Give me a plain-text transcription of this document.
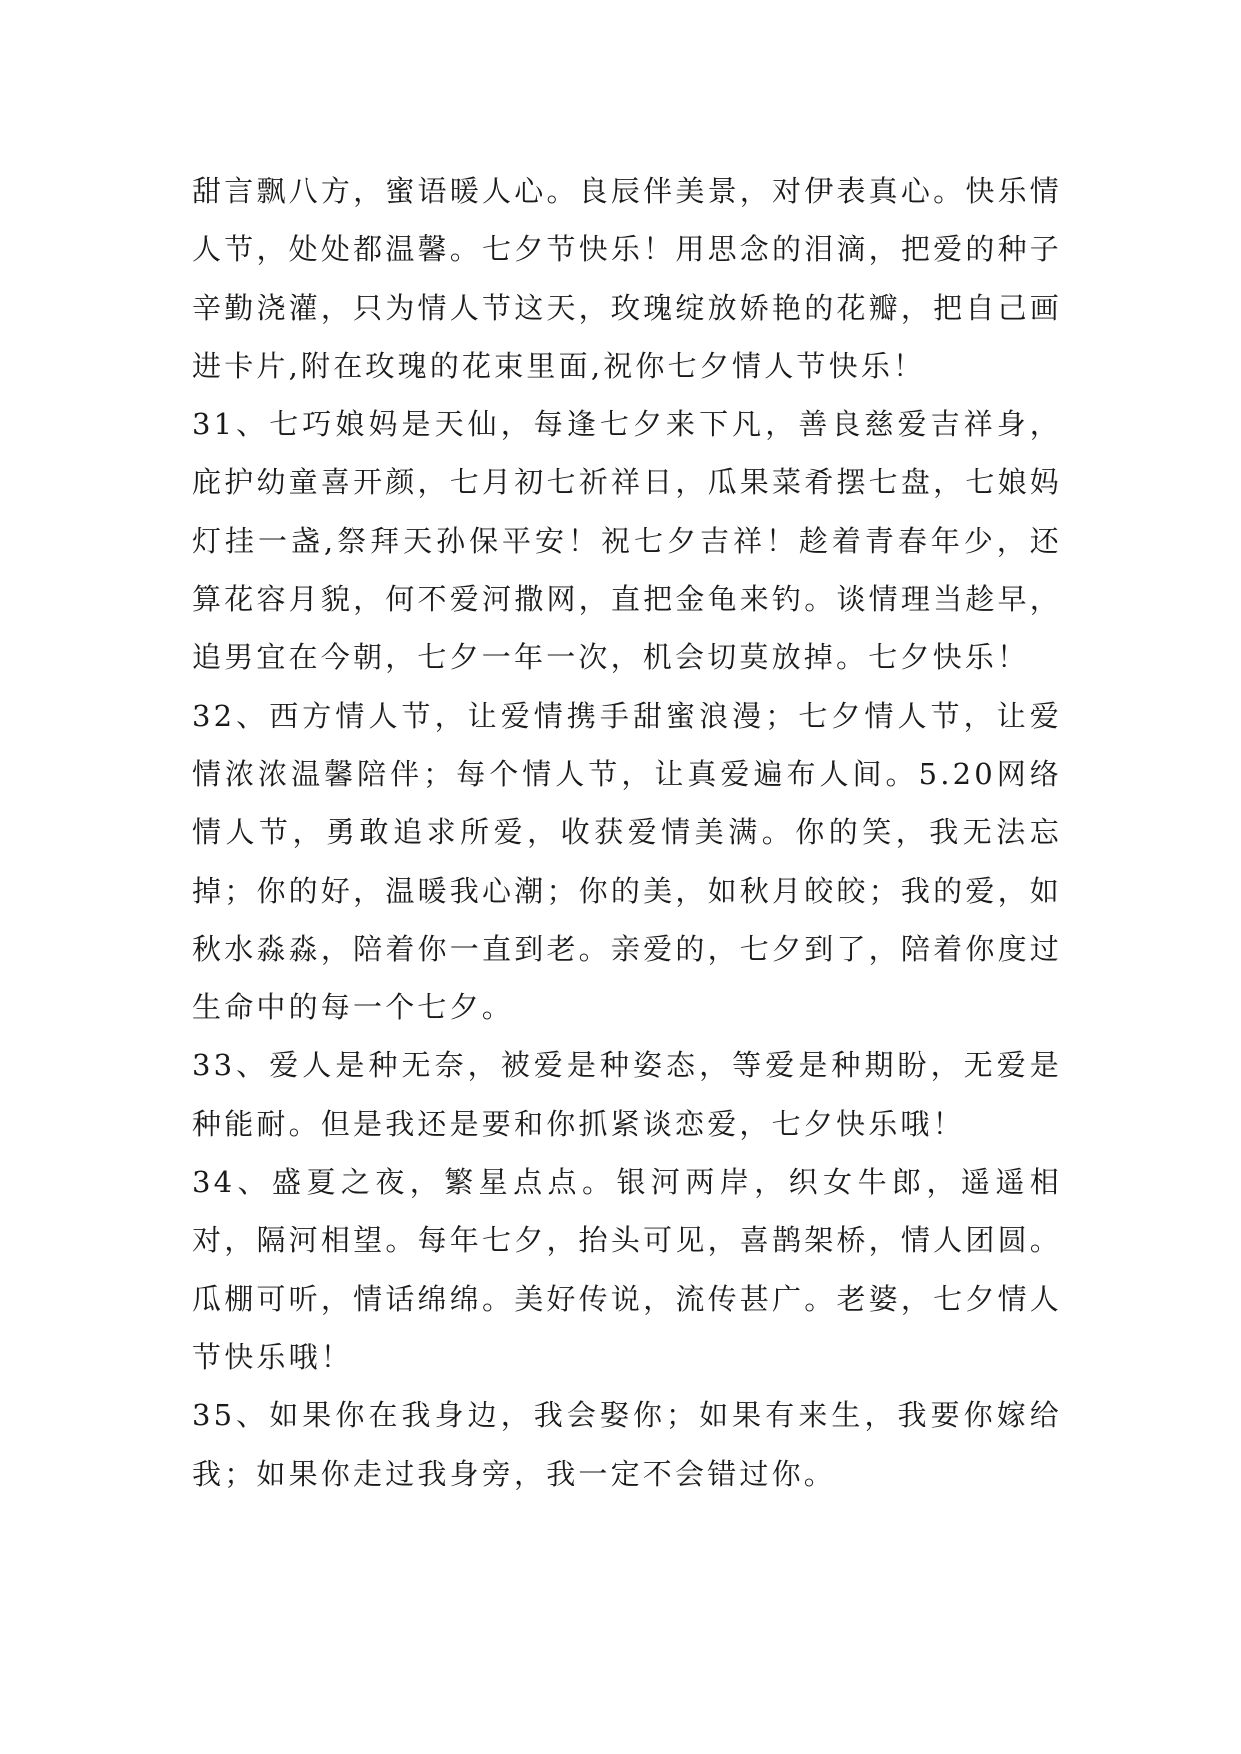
甜言飘八方，蜜语暖人心。良辰伴美景，对伊表真心。快乐情人节，处处都温馨。七夕节快乐！用思念的泪滴，把爱的种子辛勤浇灌，只为情人节这天，玫瑰绽放娇艳的花瓣，把自己画进卡片,附在玫瑰的花束里面,祝你七夕情人节快乐！

31、七巧娘妈是天仙，每逢七夕来下凡，善良慈爱吉祥身，庇护幼童喜开颜，七月初七祈祥日，瓜果菜肴摆七盘，七娘妈灯挂一盏,祭拜天孙保平安！祝七夕吉祥！趁着青春年少，还算花容月貌，何不爱河撒网，直把金龟来钓。谈情理当趁早，追男宜在今朝，七夕一年一次，机会切莫放掉。七夕快乐！

32、西方情人节，让爱情携手甜蜜浪漫；七夕情人节，让爱情浓浓温馨陪伴；每个情人节，让真爱遍布人间。5.20网络情人节，勇敢追求所爱，收获爱情美满。你的笑，我无法忘掉；你的好，温暖我心潮；你的美，如秋月皎皎；我的爱，如秋水淼淼，陪着你一直到老。亲爱的，七夕到了，陪着你度过生命中的每一个七夕。

33、爱人是种无奈，被爱是种姿态，等爱是种期盼，无爱是种能耐。但是我还是要和你抓紧谈恋爱，七夕快乐哦！

34、盛夏之夜，繁星点点。银河两岸，织女牛郎，遥遥相对，隔河相望。每年七夕，抬头可见，喜鹊架桥，情人团圆。瓜棚可听，情话绵绵。美好传说，流传甚广。老婆，七夕情人节快乐哦！

35、如果你在我身边，我会娶你；如果有来生，我要你嫁给我；如果你走过我身旁，我一定不会错过你。
